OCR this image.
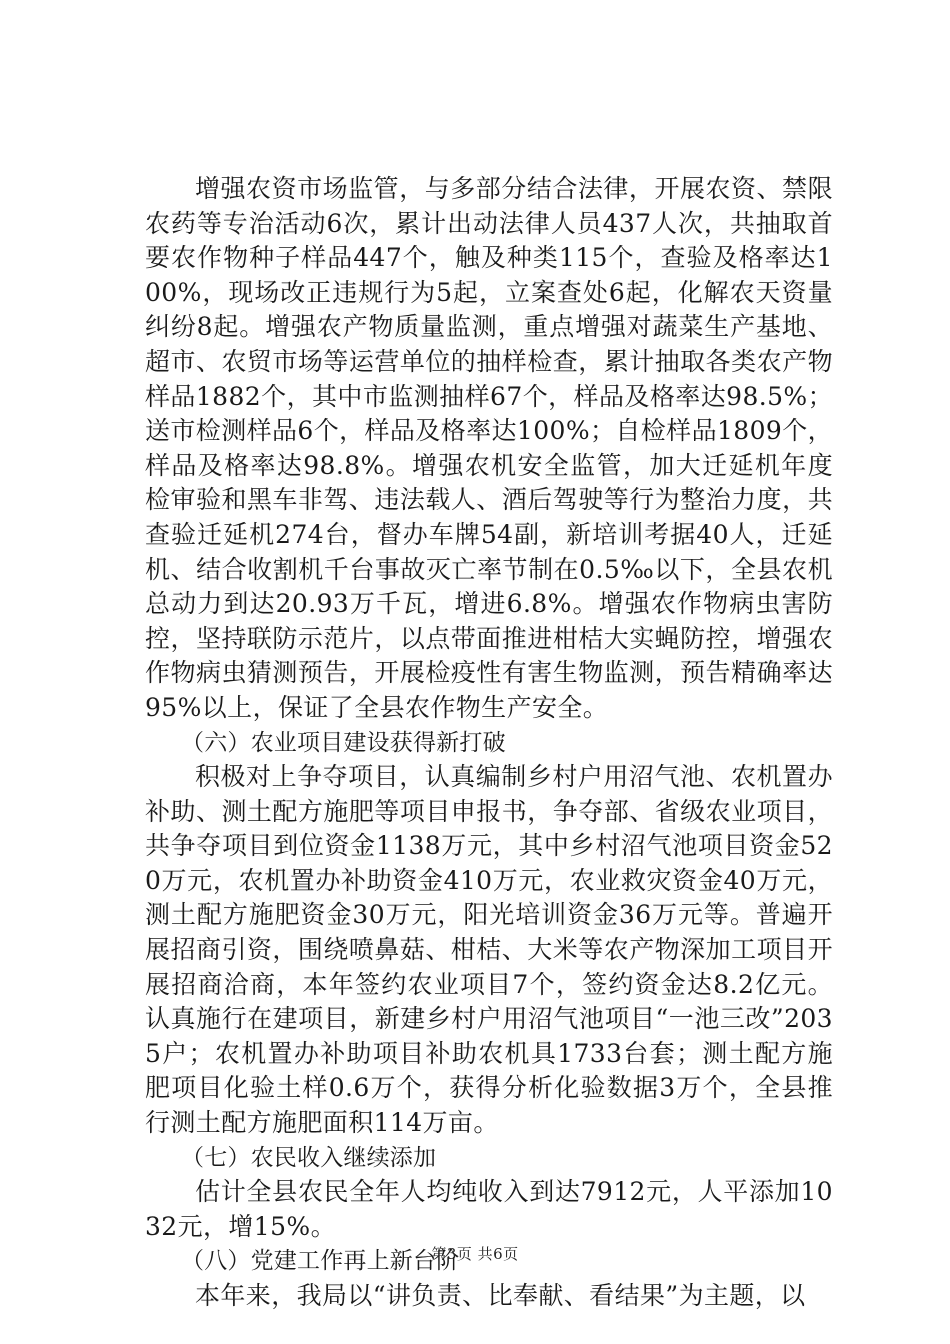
增强农资市场监管，与多部分结合法律，开展农资、禁限农药等专治活动6次，累计出动法律人员437人次，共抽取首要农作物种子样品447个，触及种类115个，查验及格率达100%，现场改正违规行为5起，立案查处6起，化解农天资量纠纷8起。增强农产物质量监测，重点增强对蔬菜生产基地、超市、农贸市场等运营单位的抽样检查，累计抽取各类农产物样品1882个，其中市监测抽样67个，样品及格率达98.5%；送市检测样品6个，样品及格率达100%；自检样品1809个，样品及格率达98.8%。增强农机安全监管，加大迁延机年度检审验和黑车非驾、违法载人、酒后驾驶等行为整治力度，共查验迁延机274台，督办车牌54副，新培训考据40人，迁延机、结合收割机千台事故灭亡率节制在0.5‰以下，全县农机总动力到达20.93万千瓦，增进6.8%。增强农作物病虫害防控，坚持联防示范片，以点带面推进柑桔大实蝇防控，增强农作物病虫猜测预告，开展检疫性有害生物监测，预告精确率达95%以上，保证了全县农作物生产安全。

（六）农业项目建设获得新打破

积极对上争夺项目，认真编制乡村户用沼气池、农机置办补助、测土配方施肥等项目申报书，争夺部、省级农业项目，共争夺项目到位资金1138万元，其中乡村沼气池项目资金520万元，农机置办补助资金410万元，农业救灾资金40万元，测土配方施肥资金30万元，阳光培训资金36万元等。普遍开展招商引资，围绕喷鼻菇、柑桔、大米等农产物深加工项目开展招商洽商，本年签约农业项目7个，签约资金达8.2亿元。认真施行在建项目，新建乡村户用沼气池项目“一池三改”2035户；农机置办补助项目补助农机具1733台套；测土配方施肥项目化验土样0.6万个，获得分析化验数据3万个，全县推行测土配方施肥面积114万亩。

（七）农民收入继续添加

估计全县农民全年人均纯收入到达7912元，人平添加1032元，增15%。

（八）党建工作再上新台阶

本年来，我局以“讲负责、比奉献、看结果”为主题，以

第3页 共6页
